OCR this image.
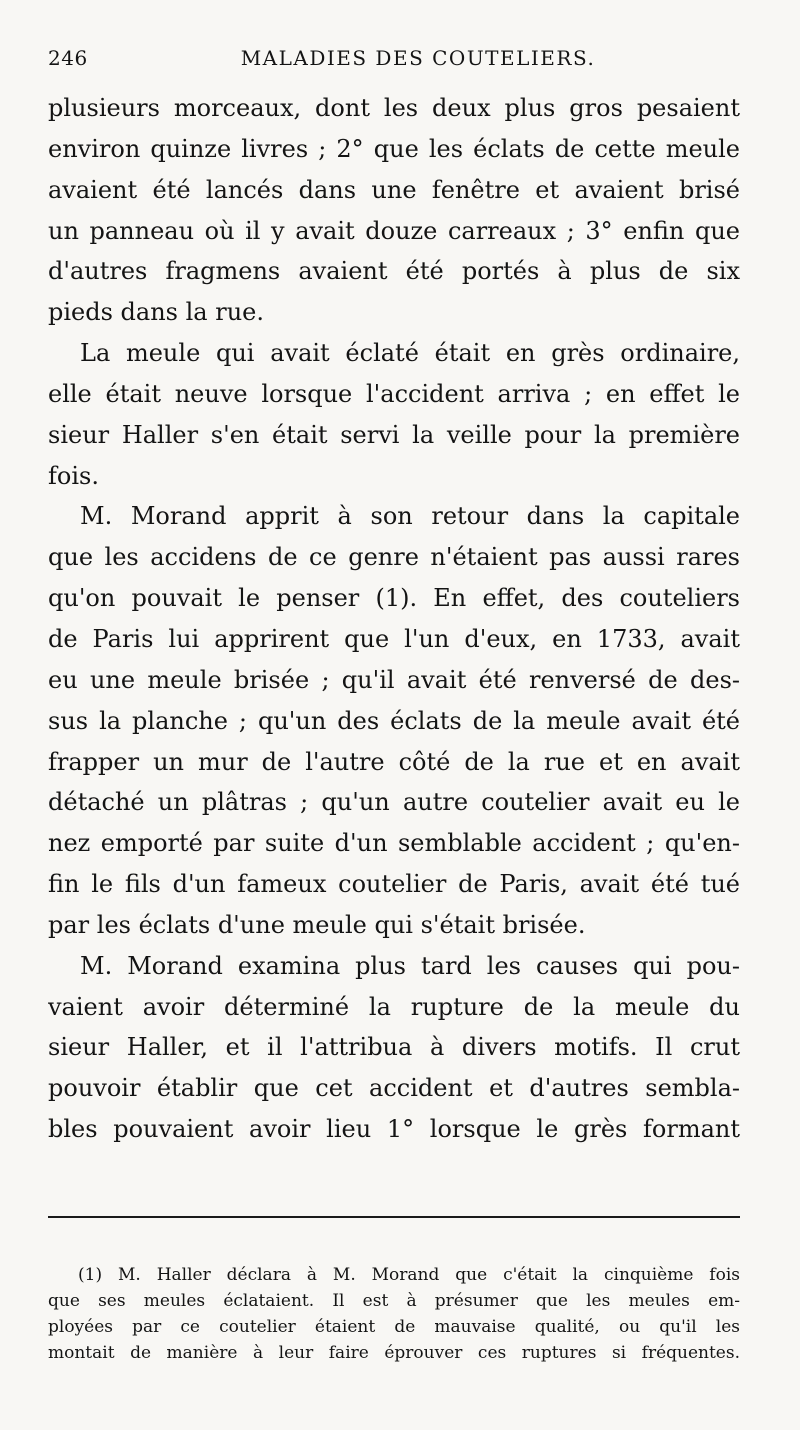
246	MALADIES DES COUTELIERS.
plusieurs morceaux, dont les deux plus gros pesaient
environ quinze livres ; 2° que les éclats de cette meule
avaient été lancés dans une fenêtre et avaient brisé
un panneau où il y avait douze carreaux ; 3° enfin que
d'autres fragmens avaient été portés à plus de six
pieds dans la rue.
La meule qui avait éclaté était en grès ordinaire,
elle était neuve lorsque l'accident arriva ; en effet le
sieur Haller s'en était servi la veille pour la première
fois.
M. Morand apprit à son retour dans la capitale
que les accidens de ce genre n'étaient pas aussi rares
qu'on pouvait le penser (1). En effet, des couteliers
de Paris lui apprirent que l'un d'eux, en 1733, avait
eu une meule brisée ; qu'il avait été renversé de des-
sus la planche ; qu'un des éclats de la meule avait été
frapper un mur de l'autre côté de la rue et en avait
détaché un plâtras ; qu'un autre coutelier avait eu le
nez emporté par suite d'un semblable accident ; qu'en-
fin le fils d'un fameux coutelier de Paris, avait été tué
par les éclats d'une meule qui s'était brisée.
M. Morand examina plus tard les causes qui pou-
vaient avoir déterminé la rupture de la meule du
sieur Haller, et il l'attribua à divers motifs. Il crut
pouvoir établir que cet accident et d'autres sembla-
bles pouvaient avoir lieu 1° lorsque le grès formant
(1) M. Haller déclara à M. Morand que c'était la cinquième fois
que ses meules éclataient. Il est à présumer que les meules em-
ployées par ce coutelier étaient de mauvaise qualité, ou qu'il les
montait de manière à leur faire éprouver ces ruptures si fréquentes.
